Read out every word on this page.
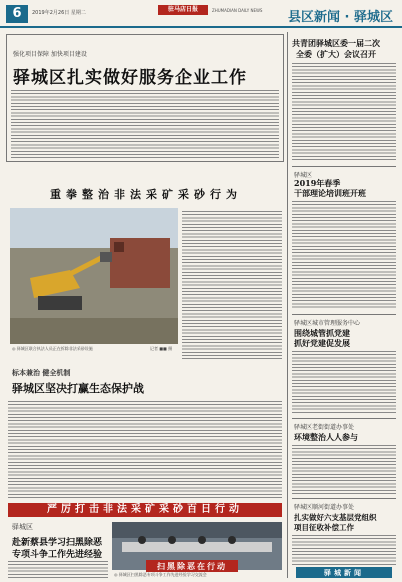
6	2019年2月26日 星期二	驻马店日报	ZHUMADIAN DAILY NEWS 县区新闻 · 驿城区
强化项目保障 加快项目建设
驿城区扎实做好服务企业工作
重拳整治非法采矿采砂行为
◎ 驿城区联合执法人员正在拆除非法采砂设施	记者 ■■ 摄
标本兼治 健全机制
驿城区坚决打赢生态保护战
严厉打击非法采矿采砂百日行动
驿城区
赴新蔡县学习扫黑除恶
专项斗争工作先进经验
◎ 驿城区扫黑除恶专项斗争工作先进经验学习交流会
扫黑除恶在行动
共青团驿城区委一届二次
全委（扩大）会议召开
驿城区
2019年春季
干部理论培训班开班
驿城区城市管理服务中心
围绕城管抓党建
抓好党建促发展
驿城区老街街道办事处
环境整治人人参与
驿城区顺河街道办事处
扎实做好六支基层党组织
项目征收补偿工作
驿城新闻
